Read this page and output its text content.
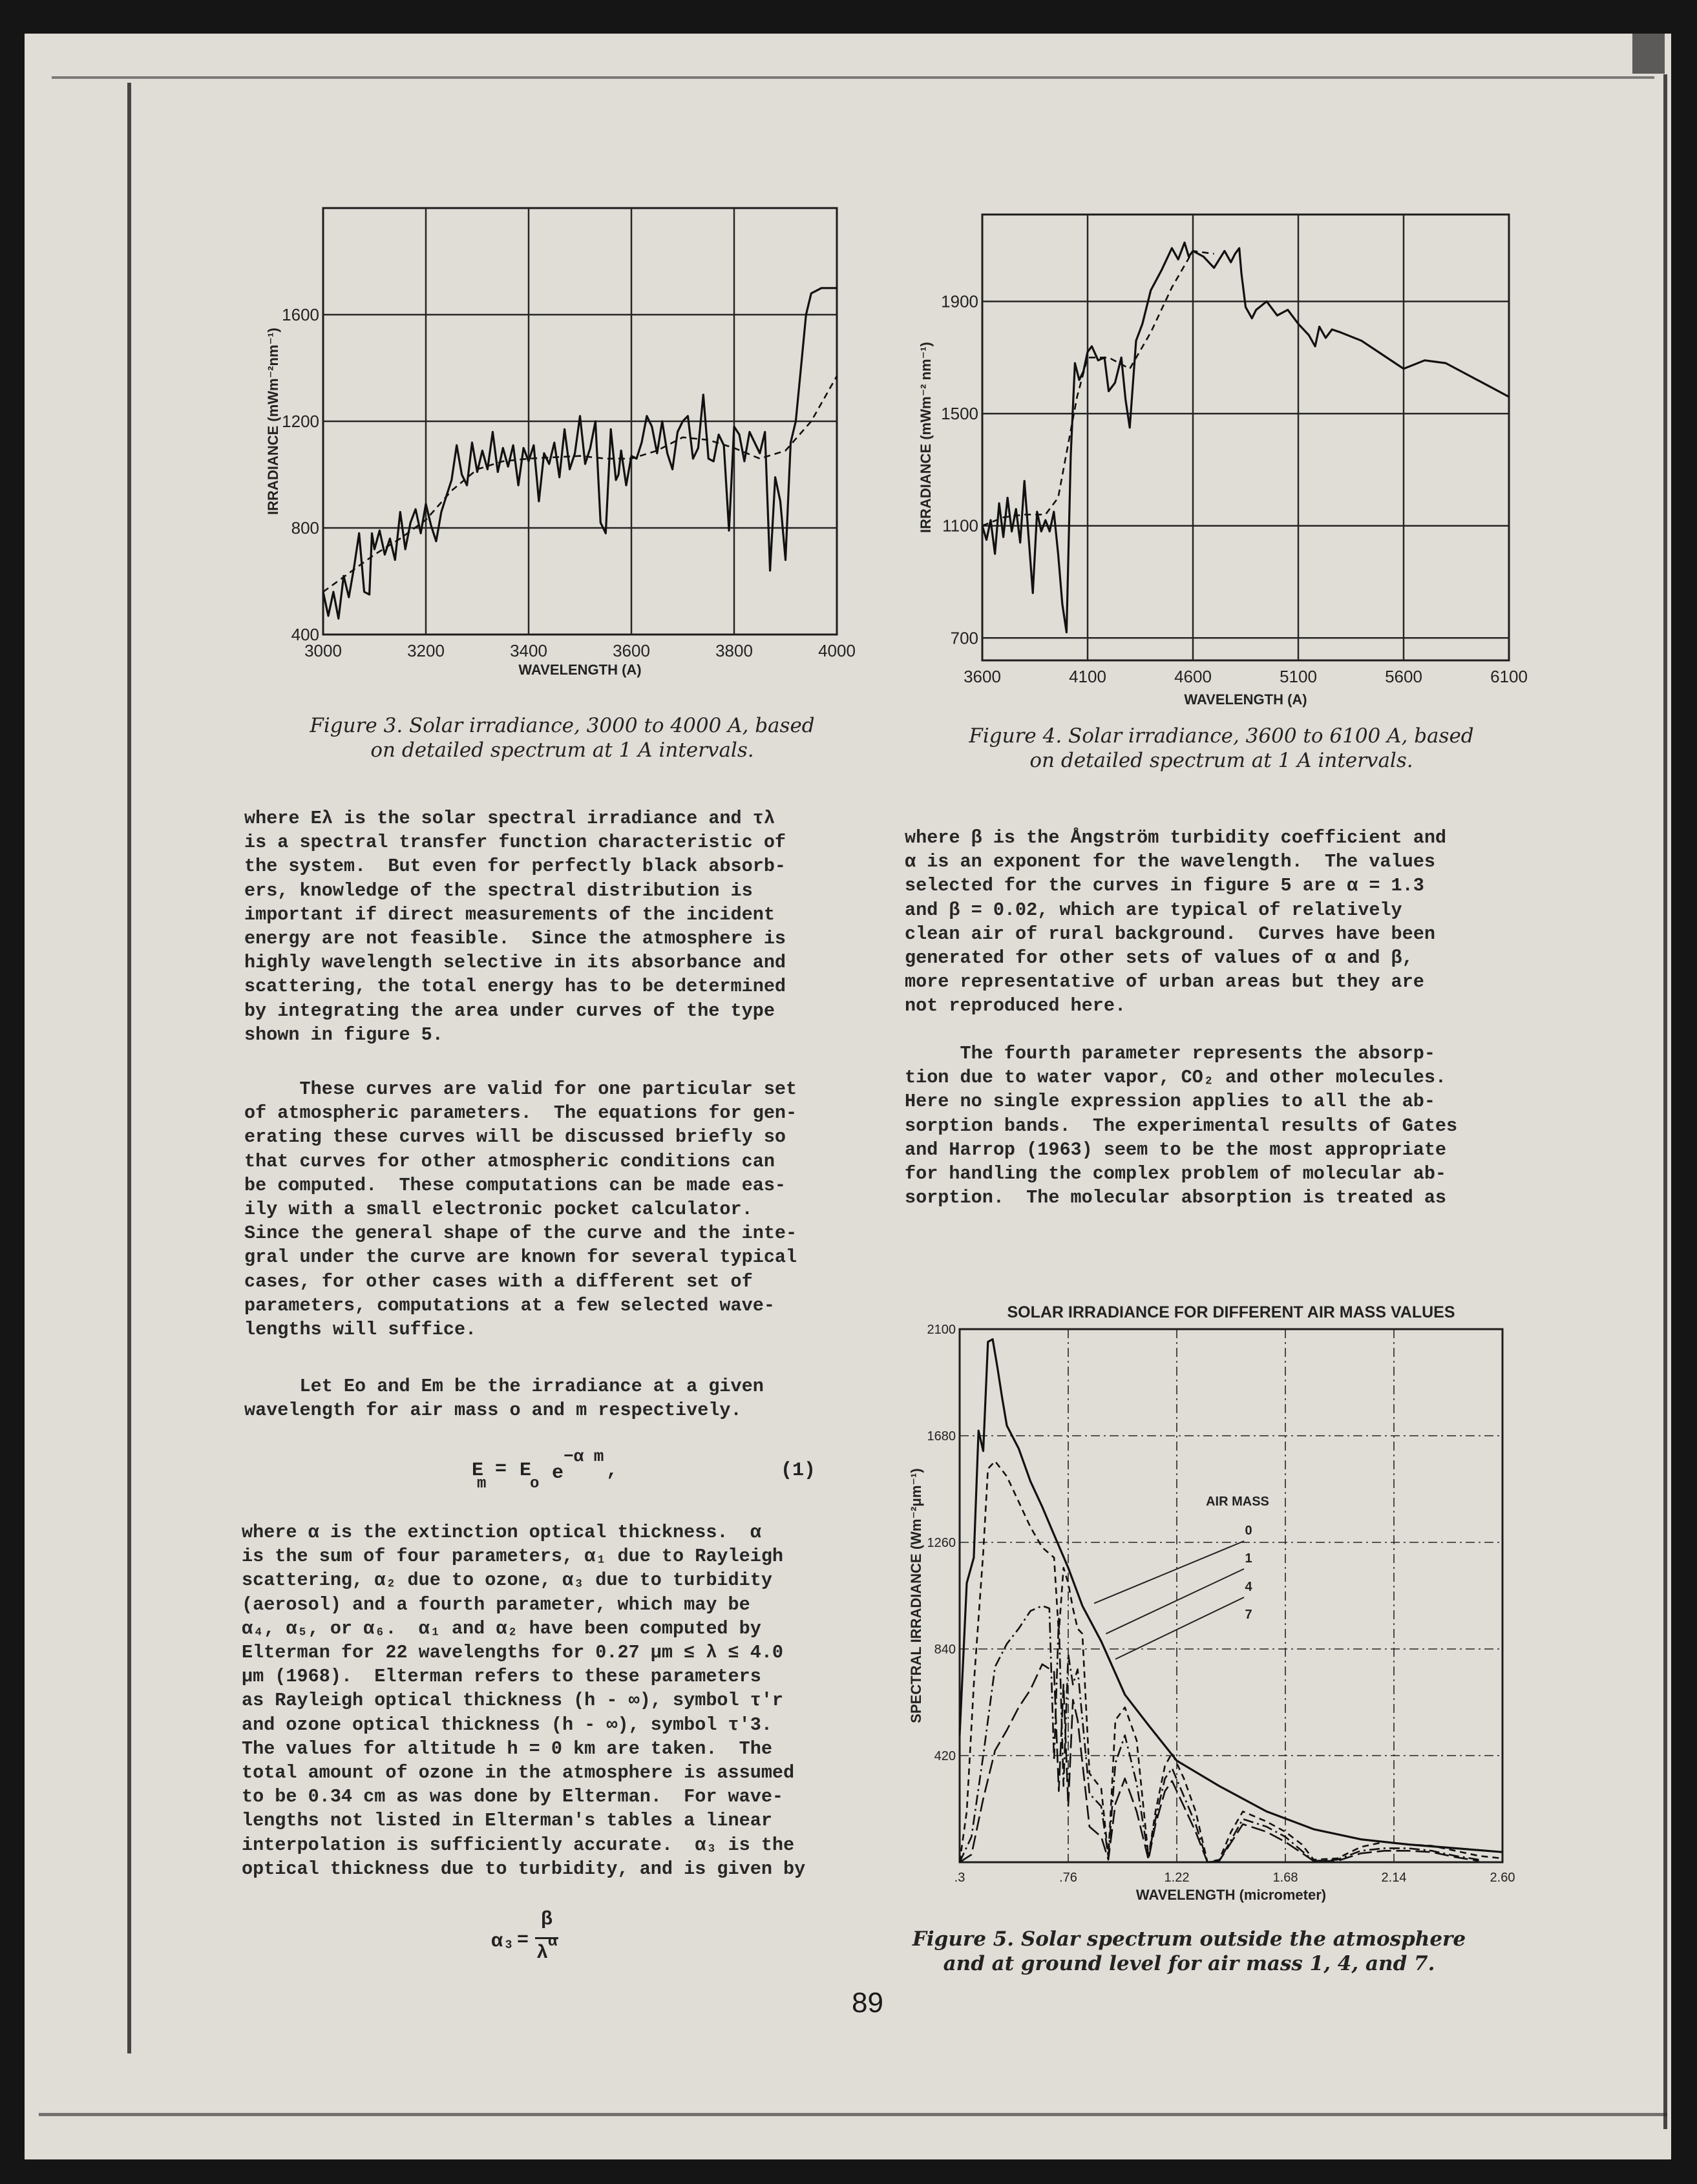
3000	3200	3400	3600	3800	4000
400
800
1200
1600
WAVELENGTH (A)
IRRADIANCE (mWm⁻²nm⁻¹)
Figure 3. Solar irradiance, 3000 to 4000 A, based
on detailed spectrum at 1 A intervals.
3600	4100	4600	5100	5600	6100
700
1100
1500
1900
WAVELENGTH (A)
IRRADIANCE (mWm⁻² nm⁻¹)
Figure 4. Solar irradiance, 3600 to 6100 A, based
on detailed spectrum at 1 A intervals.
where Eλ is the solar spectral irradiance and τλ
is a spectral transfer function characteristic of
the system.  But even for perfectly black absorb-
ers, knowledge of the spectral distribution is
important if direct measurements of the incident
energy are not feasible.  Since the atmosphere is
highly wavelength selective in its absorbance and
scattering, the total energy has to be determined
by integrating the area under curves of the type
shown in figure 5.
These curves are valid for one particular set
of atmospheric parameters.  The equations for gen-
erating these curves will be discussed briefly so
that curves for other atmospheric conditions can
be computed.  These computations can be made eas-
ily with a small electronic pocket calculator.
Since the general shape of the curve and the inte-
gral under the curve are known for several typical
cases, for other cases with a different set of
parameters, computations at a few selected wave-
lengths will suffice.
Let Eo and Em be the irradiance at a given
wavelength for air mass o and m respectively.
E
m
= E
o e
−α m
,	(1)
where α is the extinction optical thickness.  α
is the sum of four parameters, α₁ due to Rayleigh
scattering, α₂ due to ozone, α₃ due to turbidity
(aerosol) and a fourth parameter, which may be
α₄, α₅, or α₆.  α₁ and α₂ have been computed by
Elterman for 22 wavelengths for 0.27 μm ≤ λ ≤ 4.0
μm (1968).  Elterman refers to these parameters
as Rayleigh optical thickness (h - ∞), symbol τ'r
and ozone optical thickness (h - ∞), symbol τ'3.
The values for altitude h = 0 km are taken.  The
total amount of ozone in the atmosphere is assumed
to be 0.34 cm as was done by Elterman.  For wave-
lengths not listed in Elterman's tables a linear
interpolation is sufficiently accurate.  α₃ is the
optical thickness due to turbidity, and is given by
α₃ =
β
λ
α
where β is the Ångström turbidity coefficient and
α is an exponent for the wavelength.  The values
selected for the curves in figure 5 are α = 1.3
and β = 0.02, which are typical of relatively
clean air of rural background.  Curves have been
generated for other sets of values of α and β,
more representative of urban areas but they are
not reproduced here.
The fourth parameter represents the absorp-
tion due to water vapor, CO₂ and other molecules.
Here no single expression applies to all the ab-
sorption bands.  The experimental results of Gates
and Harrop (1963) seem to be the most appropriate
for handling the complex problem of molecular ab-
sorption.  The molecular absorption is treated as
.3	.76	1.22	1.68	2.14	2.60
420
840
1260
1680
2100
WAVELENGTH (micrometer)
SPECTRAL IRRADIANCE (Wm⁻²μm⁻¹)
SOLAR IRRADIANCE FOR DIFFERENT AIR MASS VALUES
AIR MASS
0
1
4
7
Figure 5. Solar spectrum outside the atmosphere
and at ground level for air mass 1, 4, and 7.
89
